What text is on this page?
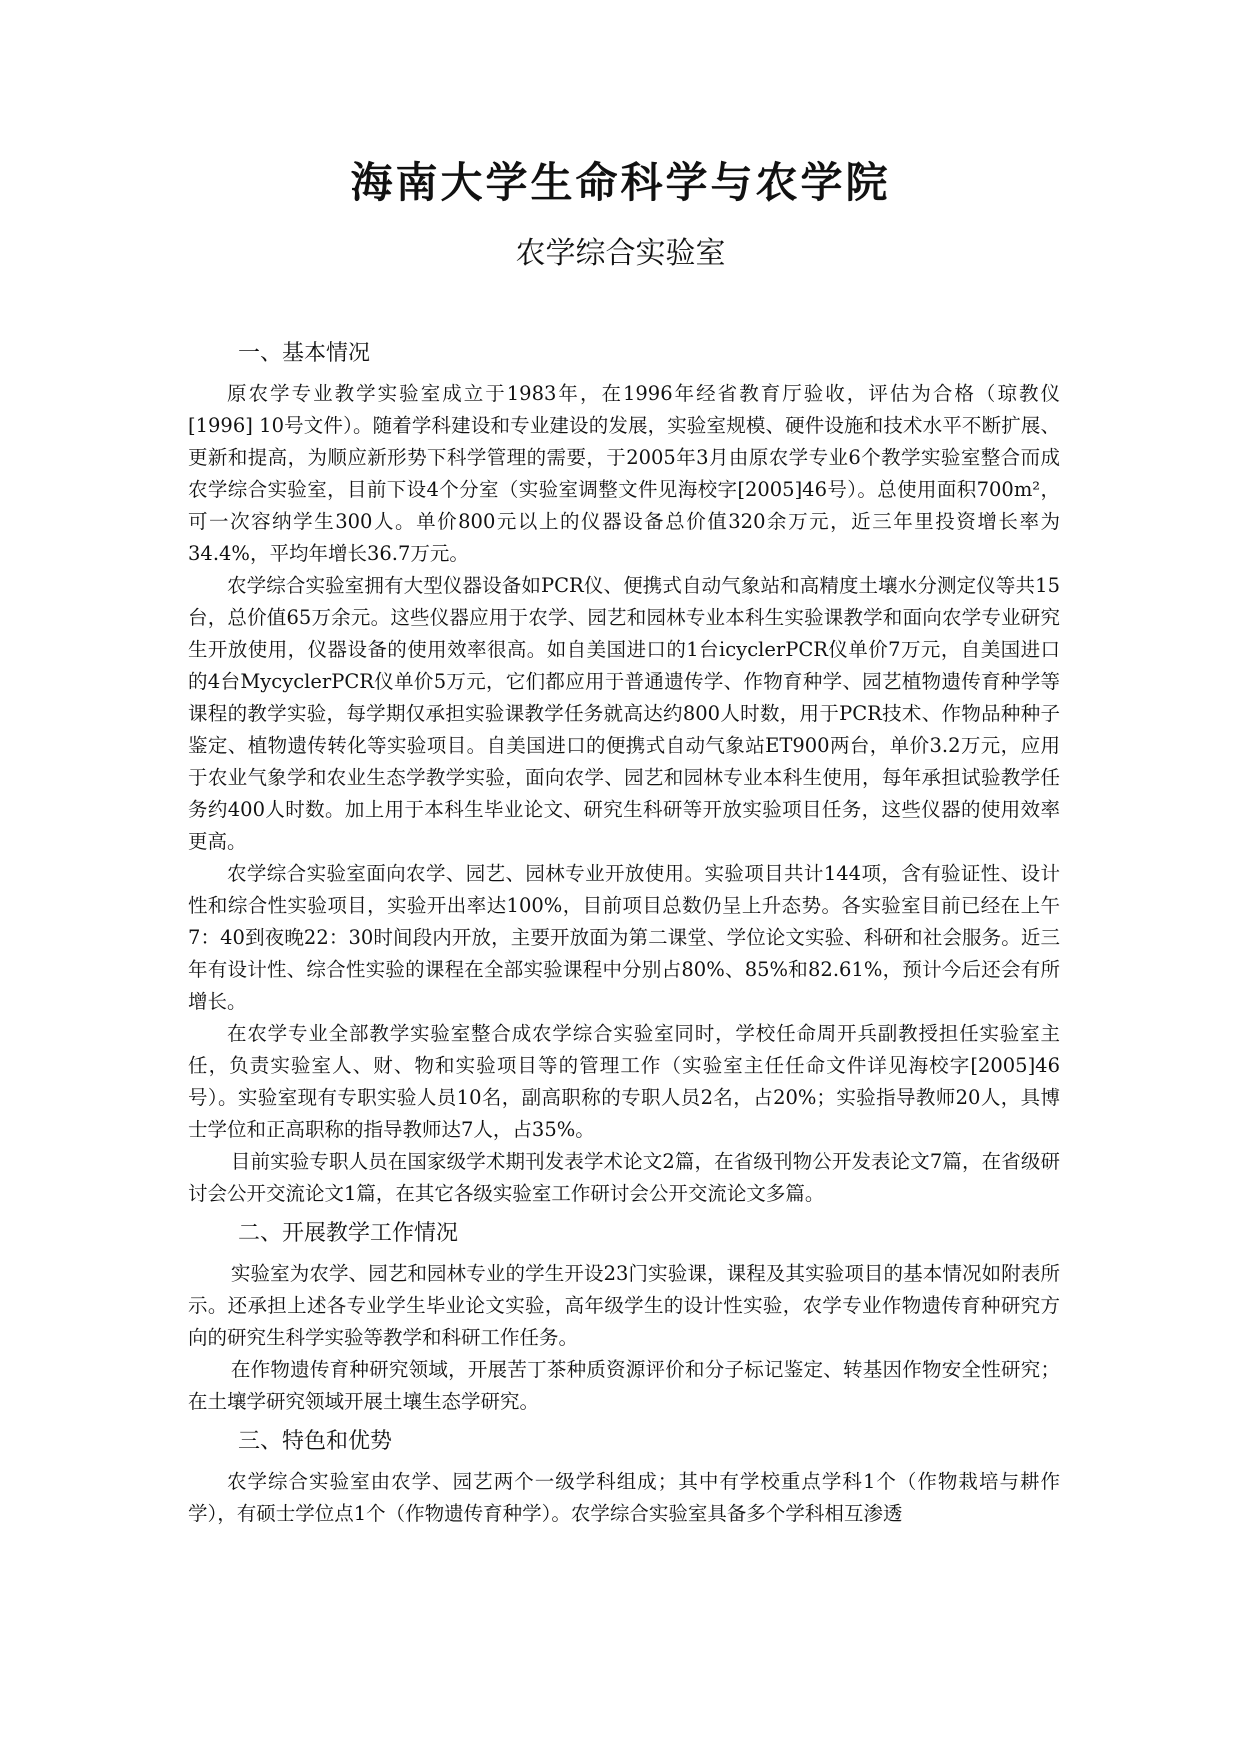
海南大学生命科学与农学院
农学综合实验室
一、基本情况

原农学专业教学实验室成立于1983年，在1996年经省教育厅验收，评估为合格（琼教仪 [1996] 10号文件）。随着学科建设和专业建设的发展，实验室规模、硬件设施和技术水平不断扩展、更新和提高，为顺应新形势下科学管理的需要，于2005年3月由原农学专业6个教学实验室整合而成农学综合实验室，目前下设4个分室（实验室调整文件见海校字[2005]46号）。总使用面积700m²，可一次容纳学生300人。单价800元以上的仪器设备总价值320余万元，近三年里投资增长率为34.4%，平均年增长36.7万元。

农学综合实验室拥有大型仪器设备如PCR仪、便携式自动气象站和高精度土壤水分测定仪等共15台，总价值65万余元。这些仪器应用于农学、园艺和园林专业本科生实验课教学和面向农学专业研究生开放使用，仪器设备的使用效率很高。如自美国进口的1台icyclerPCR仪单价7万元，自美国进口的4台MycyclerPCR仪单价5万元，它们都应用于普通遗传学、作物育种学、园艺植物遗传育种学等课程的教学实验，每学期仅承担实验课教学任务就高达约800人时数，用于PCR技术、作物品种种子鉴定、植物遗传转化等实验项目。自美国进口的便携式自动气象站ET900两台，单价3.2万元，应用于农业气象学和农业生态学教学实验，面向农学、园艺和园林专业本科生使用，每年承担试验教学任务约400人时数。加上用于本科生毕业论文、研究生科研等开放实验项目任务，这些仪器的使用效率更高。

农学综合实验室面向农学、园艺、园林专业开放使用。实验项目共计144项，含有验证性、设计性和综合性实验项目，实验开出率达100%，目前项目总数仍呈上升态势。各实验室目前已经在上午7：40到夜晚22：30时间段内开放，主要开放面为第二课堂、学位论文实验、科研和社会服务。近三年有设计性、综合性实验的课程在全部实验课程中分别占80%、85%和82.61%，预计今后还会有所增长。

在农学专业全部教学实验室整合成农学综合实验室同时，学校任命周开兵副教授担任实验室主任，负责实验室人、财、物和实验项目等的管理工作（实验室主任任命文件详见海校字[2005]46号）。实验室现有专职实验人员10名，副高职称的专职人员2名，占20%；实验指导教师20人，具博士学位和正高职称的指导教师达7人，占35%。

目前实验专职人员在国家级学术期刊发表学术论文2篇，在省级刊物公开发表论文7篇，在省级研讨会公开交流论文1篇，在其它各级实验室工作研讨会公开交流论文多篇。

二、开展教学工作情况

实验室为农学、园艺和园林专业的学生开设23门实验课，课程及其实验项目的基本情况如附表所示。还承担上述各专业学生毕业论文实验，高年级学生的设计性实验，农学专业作物遗传育种研究方向的研究生科学实验等教学和科研工作任务。

在作物遗传育种研究领域，开展苦丁茶种质资源评价和分子标记鉴定、转基因作物安全性研究；在土壤学研究领域开展土壤生态学研究。

三、特色和优势

农学综合实验室由农学、园艺两个一级学科组成；其中有学校重点学科1个（作物栽培与耕作学），有硕士学位点1个（作物遗传育种学）。农学综合实验室具备多个学科相互渗透
